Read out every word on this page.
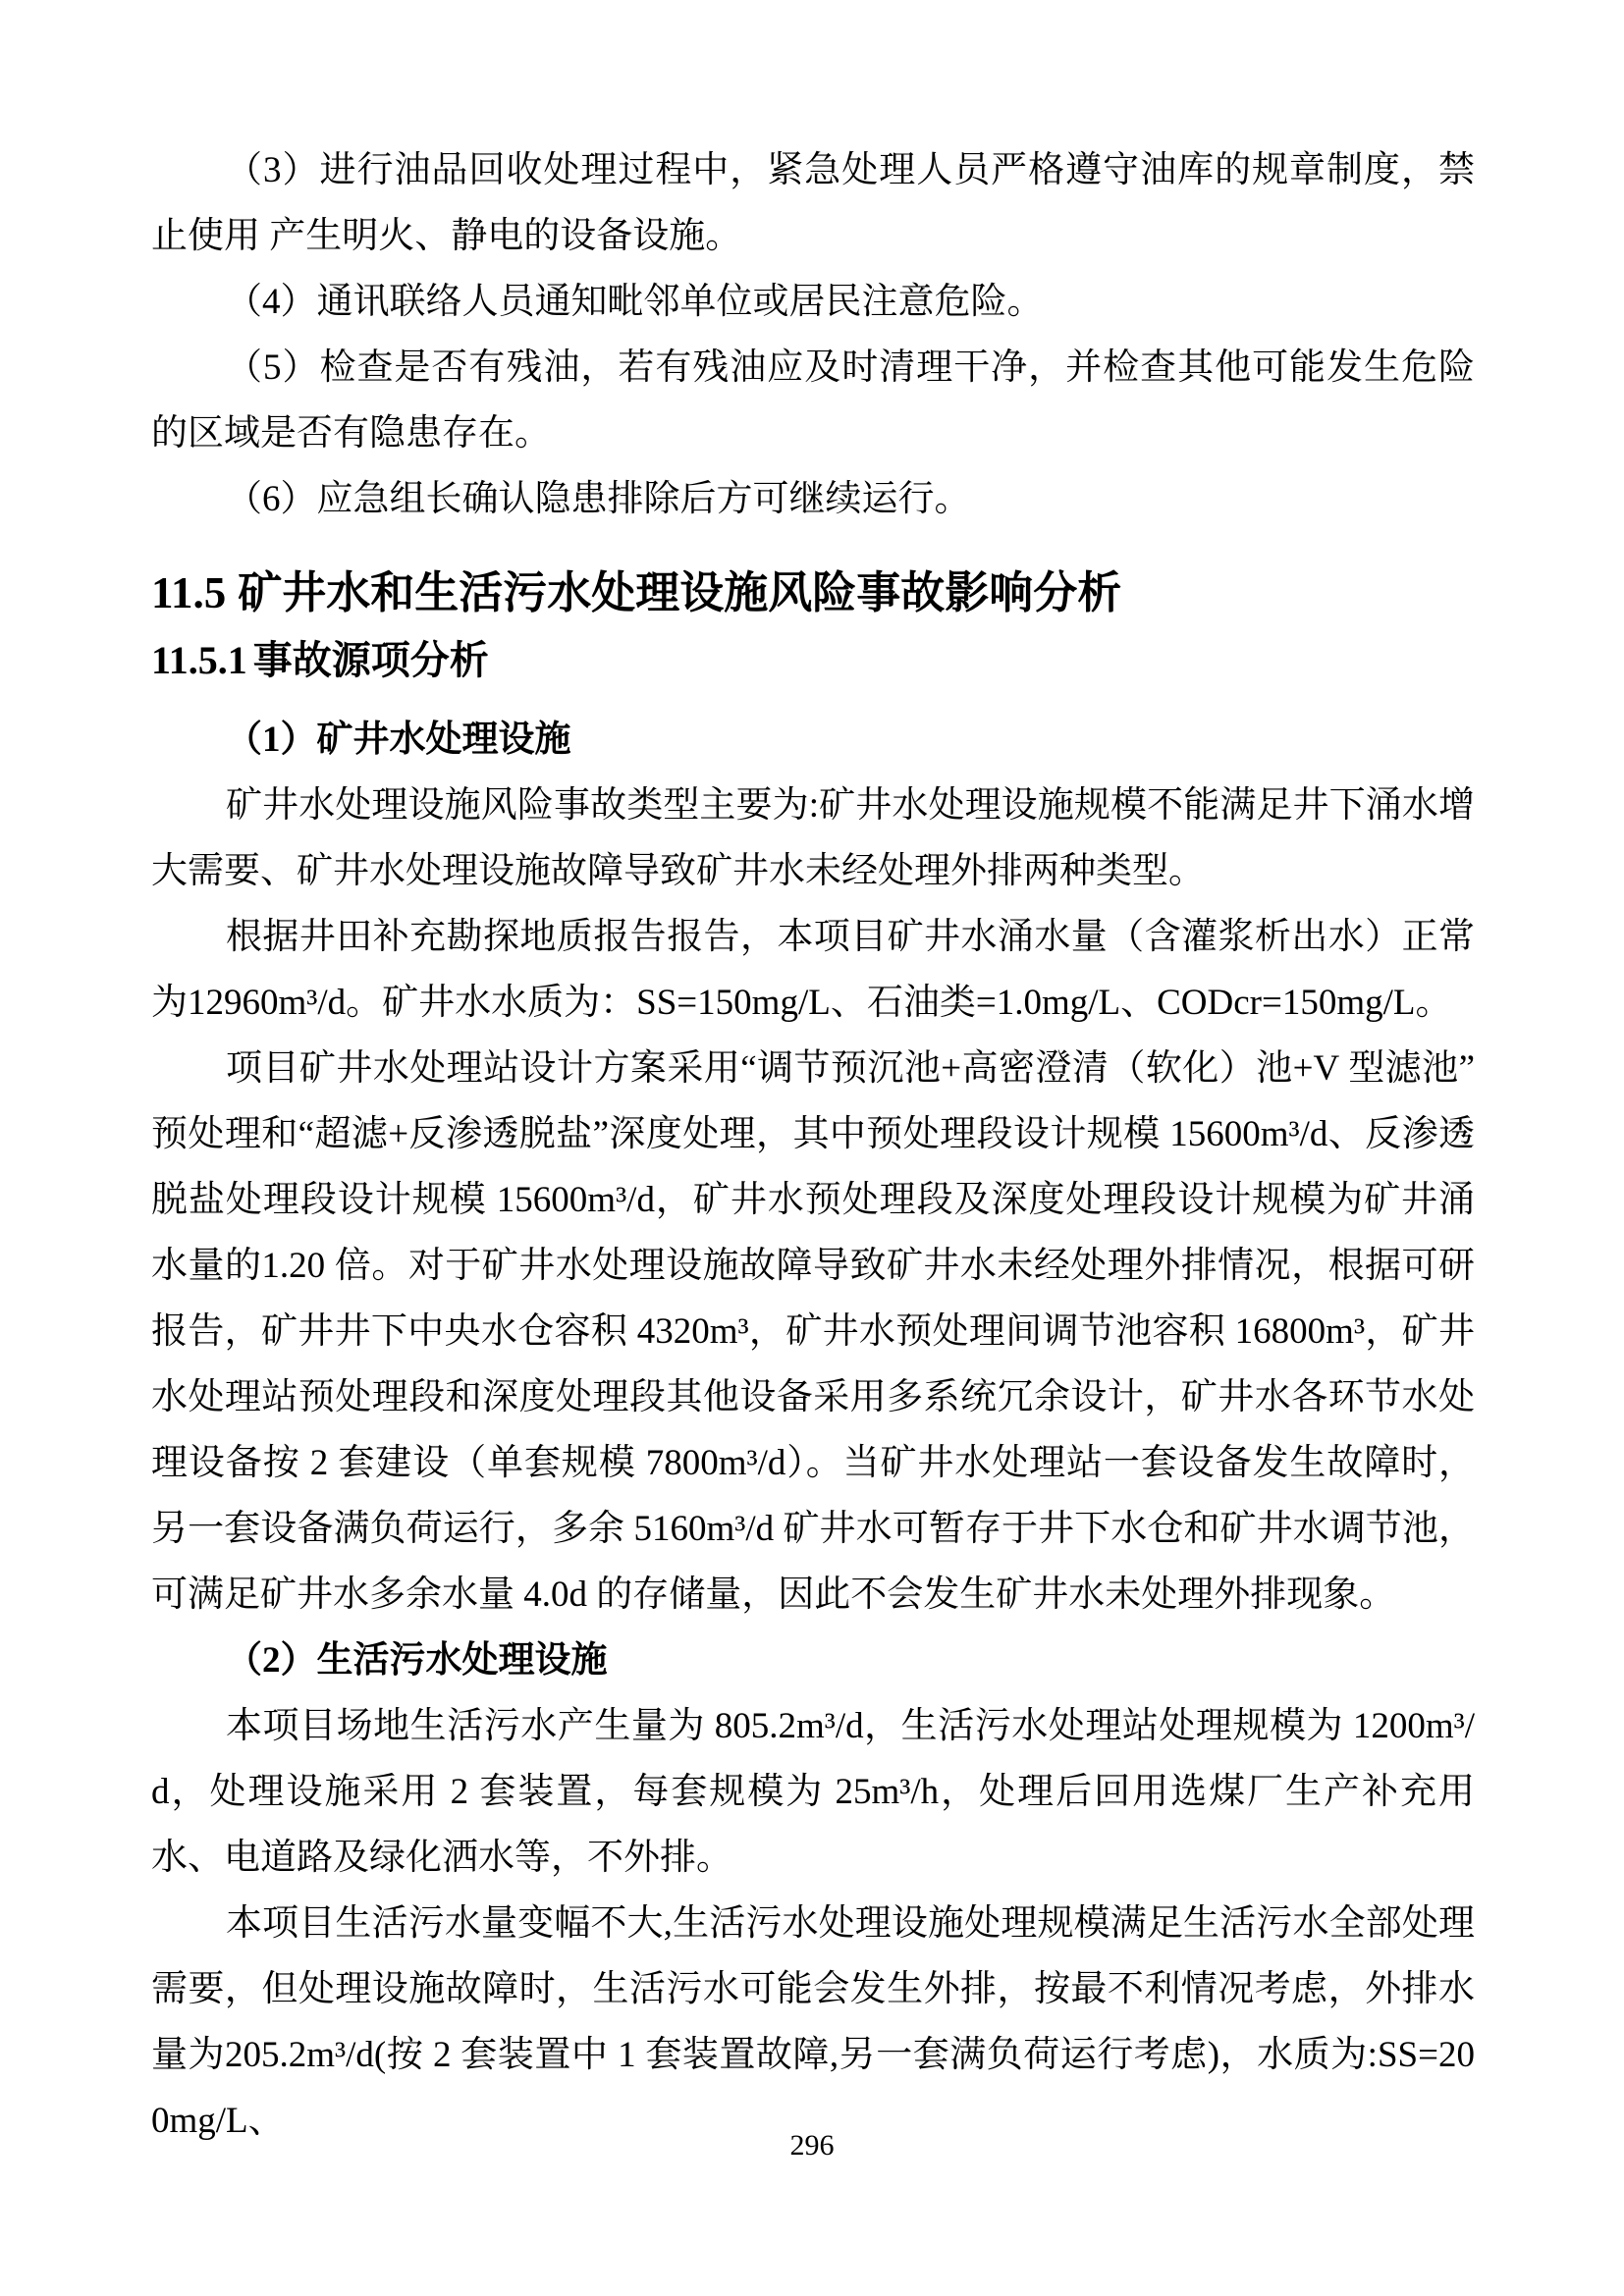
（3）进行油品回收处理过程中，紧急处理人员严格遵守油库的规章制度，禁止使用 产生明火、静电的设备设施。

（4）通讯联络人员通知毗邻单位或居民注意危险。

（5）检查是否有残油，若有残油应及时清理干净，并检查其他可能发生危险的区域是否有隐患存在。

（6）应急组长确认隐患排除后方可继续运行。

11.5 矿井水和生活污水处理设施风险事故影响分析
11.5.1 事故源项分析

（1）矿井水处理设施

矿井水处理设施风险事故类型主要为:矿井水处理设施规模不能满足井下涌水增大需要、矿井水处理设施故障导致矿井水未经处理外排两种类型。

根据井田补充勘探地质报告报告，本项目矿井水涌水量（含灌浆析出水）正常为12960m³/d。矿井水水质为：SS=150mg/L、石油类=1.0mg/L、CODcr=150mg/L。

项目矿井水处理站设计方案采用“调节预沉池+高密澄清（软化）池+V 型滤池”预处理和“超滤+反渗透脱盐”深度处理，其中预处理段设计规模 15600m³/d、反渗透脱盐处理段设计规模 15600m³/d，矿井水预处理段及深度处理段设计规模为矿井涌水量的1.20 倍。对于矿井水处理设施故障导致矿井水未经处理外排情况，根据可研报告，矿井井下中央水仓容积 4320m³，矿井水预处理间调节池容积 16800m³，矿井水处理站预处理段和深度处理段其他设备采用多系统冗余设计，矿井水各环节水处理设备按 2 套建设（单套规模 7800m³/d）。当矿井水处理站一套设备发生故障时，另一套设备满负荷运行，多余 5160m³/d 矿井水可暂存于井下水仓和矿井水调节池，可满足矿井水多余水量 4.0d 的存储量，因此不会发生矿井水未处理外排现象。

（2）生活污水处理设施

本项目场地生活污水产生量为 805.2m³/d，生活污水处理站处理规模为 1200m³/d，处理设施采用 2 套装置，每套规模为 25m³/h，处理后回用选煤厂生产补充用水、电道路及绿化洒水等，不外排。

本项目生活污水量变幅不大,生活污水处理设施处理规模满足生活污水全部处理需要，但处理设施故障时，生活污水可能会发生外排，按最不利情况考虑，外排水量为205.2m³/d(按 2 套装置中 1 套装置故障,另一套满负荷运行考虑)，水质为:SS=200mg/L、

296
